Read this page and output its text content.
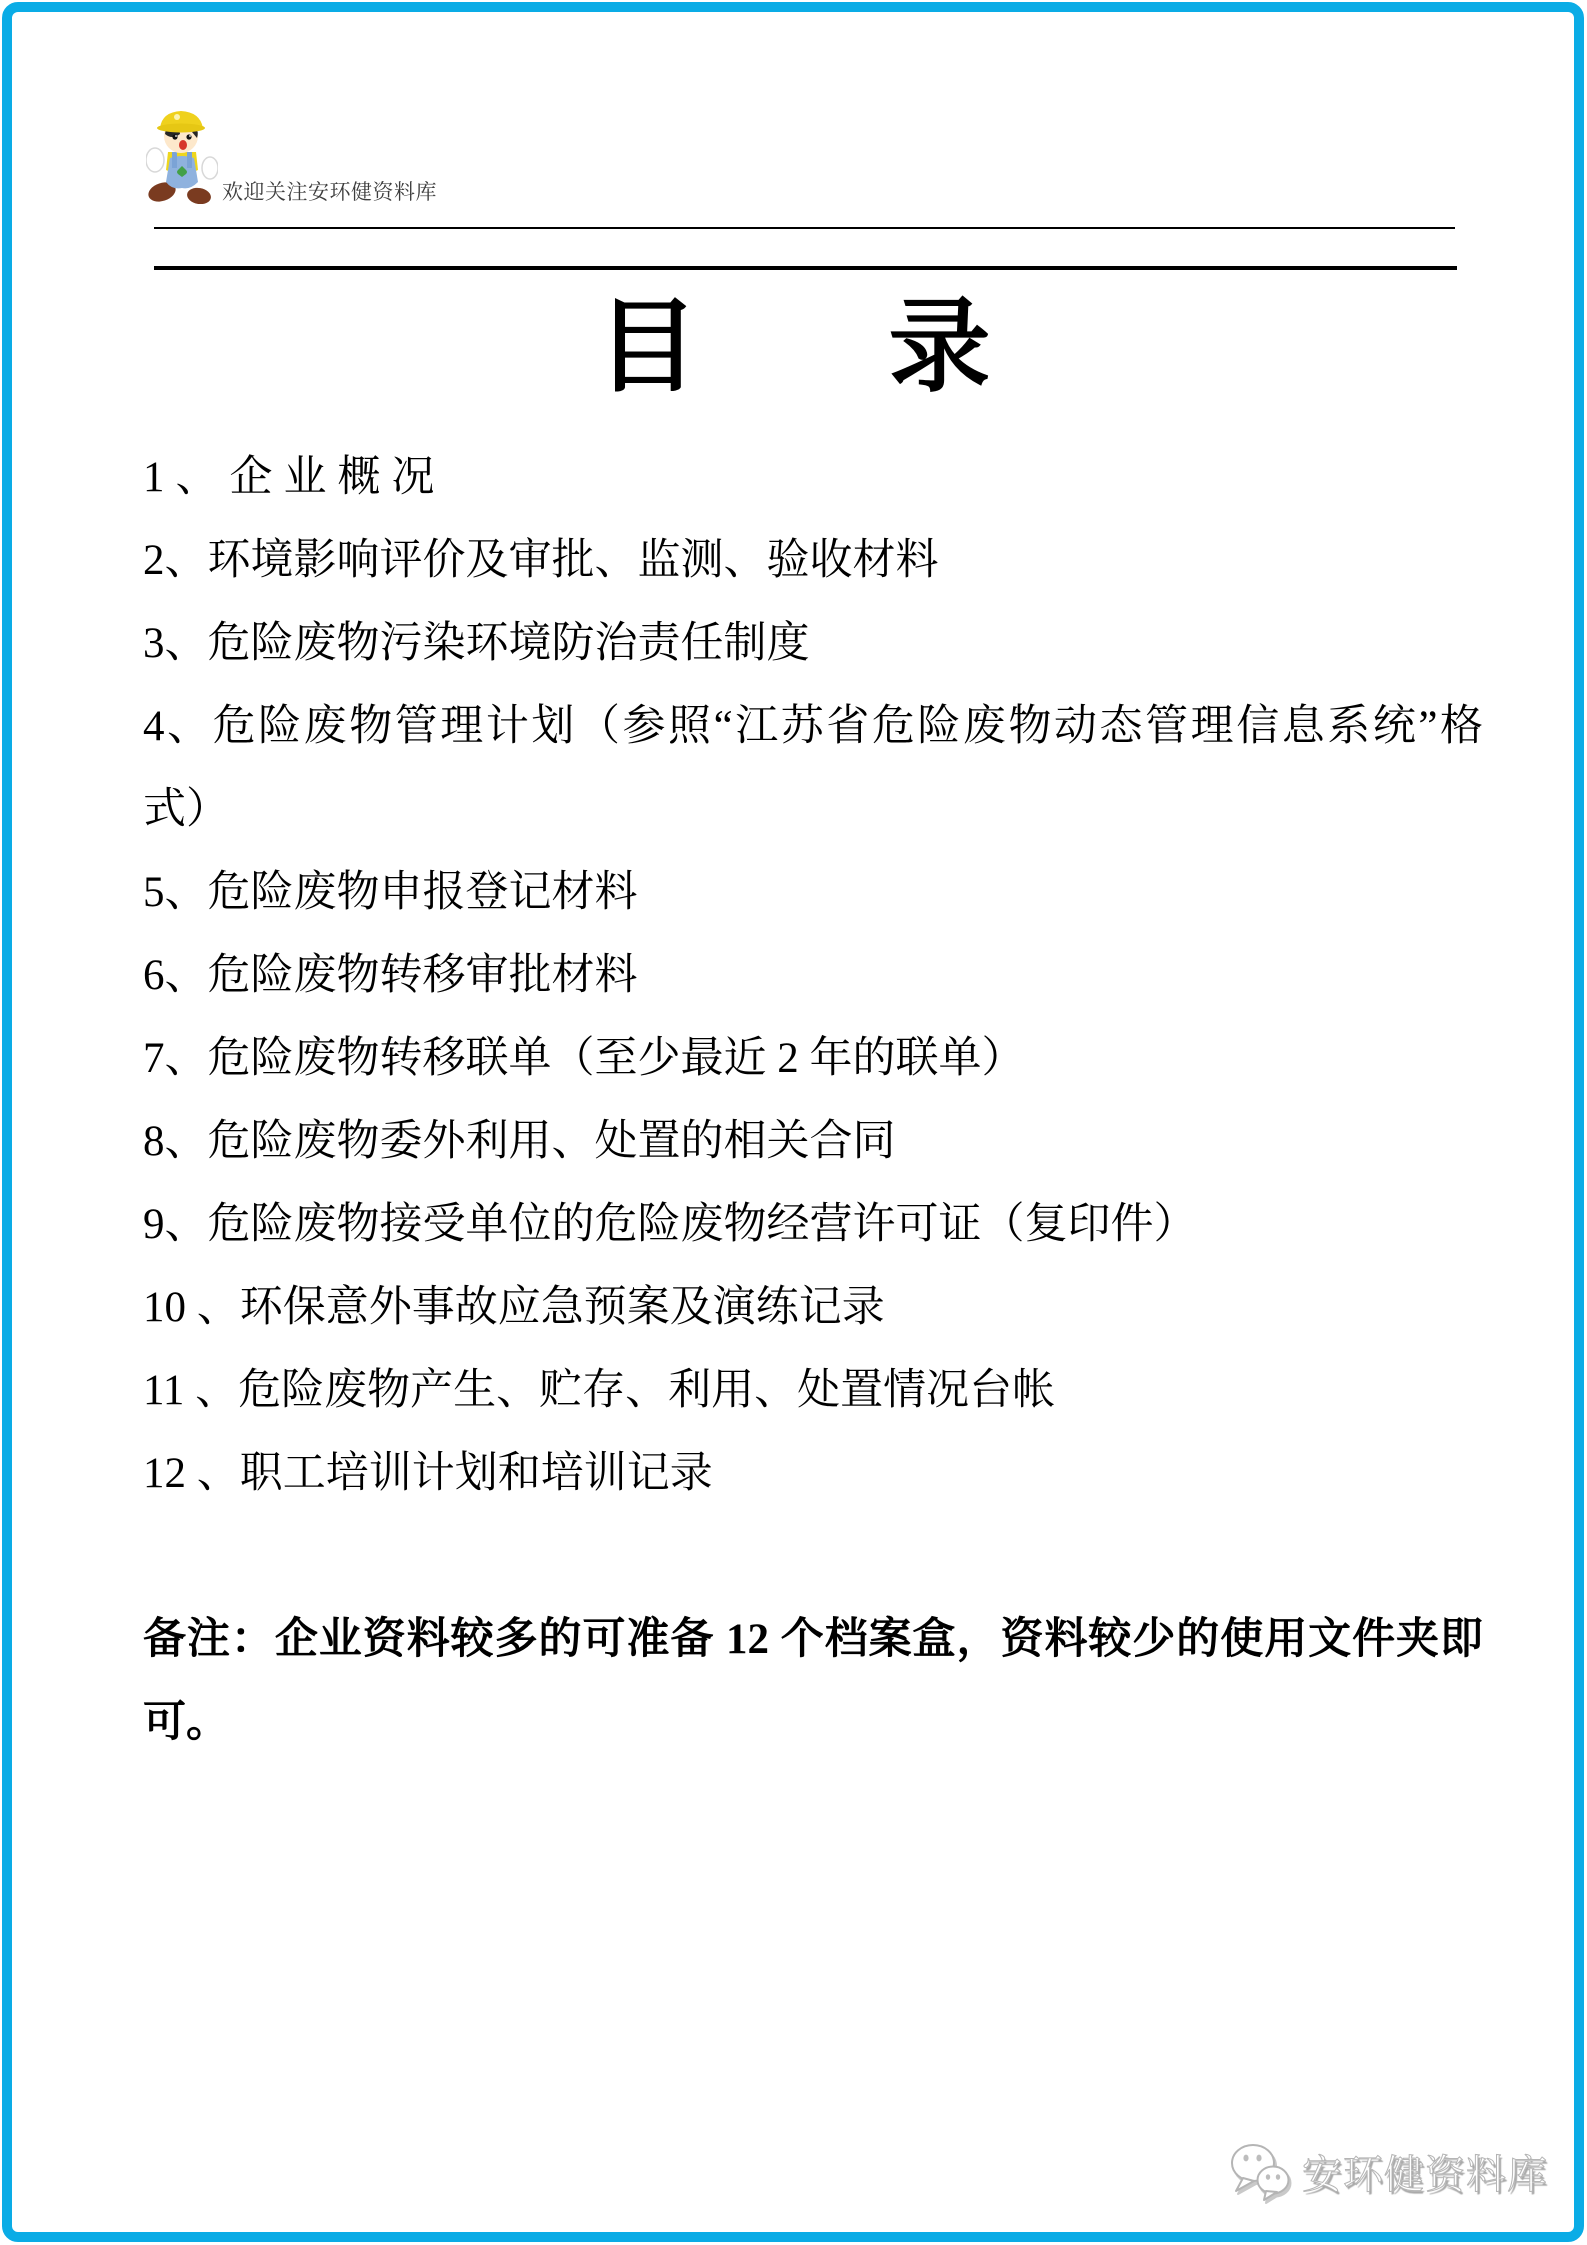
欢迎关注安环健资料库
目 录
1、企业概况
2、环境影响评价及审批、监测、验收材料
3、危险废物污染环境防治责任制度
4、危险废物管理计划（参照“江苏省危险废物动态管理信息系统”格
式）
5、危险废物申报登记材料
6、危险废物转移审批材料
7、危险废物转移联单（至少最近 2 年的联单）
8、危险废物委外利用、处置的相关合同
9、危险废物接受单位的危险废物经营许可证（复印件）
10 、环保意外事故应急预案及演练记录
11 、危险废物产生、贮存、利用、处置情况台帐
12 、职工培训计划和培训记录
备注：企业资料较多的可准备 12 个档案盒，资料较少的使用文件夹即
可。
安环健资料库
